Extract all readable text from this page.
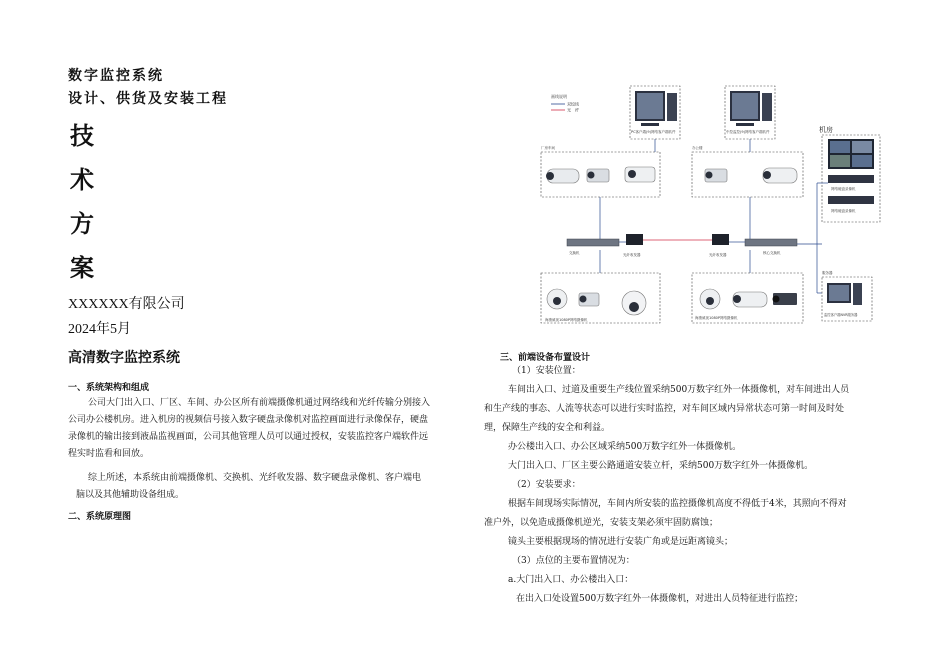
数字监控系统
设计、供货及安装工程
技
术
方
案
XXXXXX有限公司
2024年5月
高清数字监控系统
一、系统架构和组成
公司大门出入口、厂区、车间、办公区所有前端摄像机通过网络线和光纤传输分别接入
公司办公楼机房。进入机房的视频信号接入数字硬盘录像机对监控画面进行录像保存，硬盘
录像机的输出接到液晶监视画面，公司其他管理人员可以通过授权，安装监控客户端软件远
程实时监看和回放。
综上所述，本系统由前端摄像机、交换机、光纤收发器、数字硬盘录像机、客户端电
脑以及其他辅助设备组成。
二、系统原理图
画线说明
双绞线
光　纤
PC客户端(9)网络客户端软件	中控监控(9)网络客户端软件	机房
网络硬盘录像机
网络硬盘录像机
厂房车间	办公楼
交换机	核心交换机
光纤收发器	光纤收发器
海康威视1080P网络摄像机	海康威视1080P网络摄像机
服务器
监控客户端NVR服务器
三、前端设备布置设计
（1）安装位置：
车间出入口、过道及重要生产线位置采纳500万数字红外一体摄像机，对车间进出人员
和生产线的事态、人流等状态可以进行实时监控，对车间区域内异常状态可第一时间及时处
理，保障生产线的安全和利益。
办公楼出入口、办公区域采纳500万数字红外一体摄像机。
大门出入口、厂区主要公路通道安装立杆，采纳500万数字红外一体摄像机。
（2）安装要求：
根据车间现场实际情况，车间内所安装的监控摄像机高度不得低于4米，其照向不得对
准户外，以免造成摄像机逆光，安装支架必须牢固防腐蚀；
镜头主要根据现场的情况进行安装广角或是远距离镜头；
（3）点位的主要布置情况为：
a.大门出入口、办公楼出入口：
在出入口处设置500万数字红外一体摄像机，对进出人员特征进行监控；
